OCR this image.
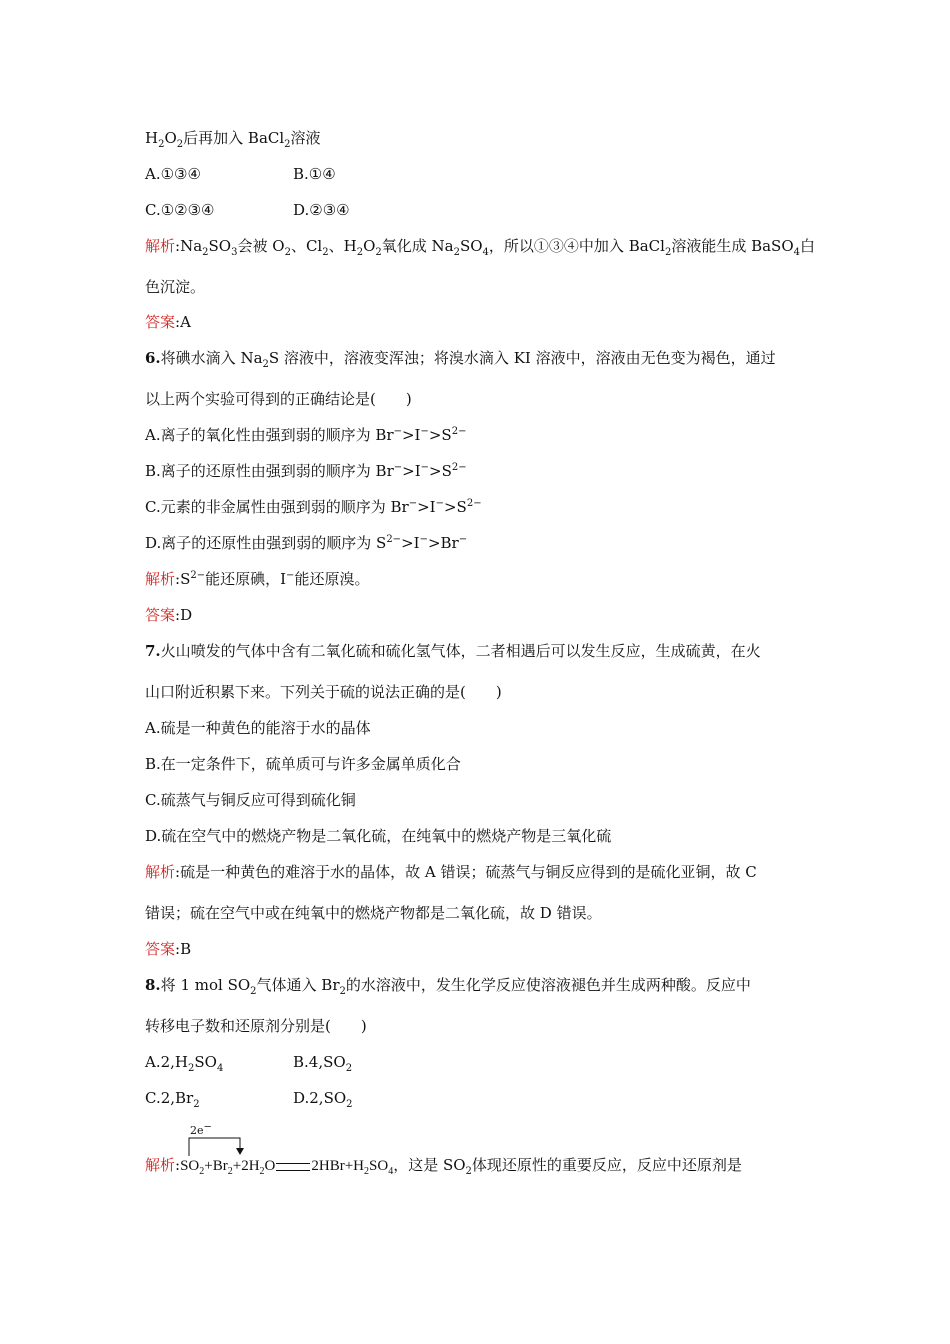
$H_2O_2$后再加入 BaCl$_2$溶液
A.①③④	B.①④
C.①②③④	D.②③④
解析$:Na_2SO_3$会被 $O_2$、$Cl_2$、$H_2O_2$氧化成 $Na_2SO_4$，所以①③④中加入 BaCl$_2$溶液能生成 BaSO$_4$白
色沉淀。
答案:A
6.将碘水滴入 $Na_2S$ 溶液中，溶液变浑浊；将溴水滴入 KI 溶液中，溶液由无色变为褐色，通过
以上两个实验可得到的正确结论是(　　)
A.离子的氧化性由强到弱的顺序为 $Br^->I^->S^{2-}$
B.离子的还原性由强到弱的顺序为 $Br^->I^->S^{2-}$
C.元素的非金属性由强到弱的顺序为 $Br^->I^->S^{2-}$
D.离子的还原性由强到弱的顺序为 $S^{2-}>I^->Br^-$
解析$:S^{2-}$能还原碘，I−能还原溴。
答案:D
7.火山喷发的气体中含有二氧化硫和硫化氢气体，二者相遇后可以发生反应，生成硫黄，在火
山口附近积累下来。下列关于硫的说法正确的是(　　)
A.硫是一种黄色的能溶于水的晶体
B.在一定条件下，硫单质可与许多金属单质化合
C.硫蒸气与铜反应可得到硫化铜
D.硫在空气中的燃烧产物是二氧化硫，在纯氧中的燃烧产物是三氧化硫
解析:硫是一种黄色的难溶于水的晶体，故 A 错误；硫蒸气与铜反应得到的是硫化亚铜，故 C
错误；硫在空气中或在纯氧中的燃烧产物都是二氧化硫，故 D 错误。
答案:B
8.将 1 mol $SO_2$气体通入 $Br_2$的水溶液中，发生化学反应使溶液褪色并生成两种酸。反应中
转移电子数和还原剂分别是(　　)
$A.2,H_2SO_4$	$B.4,SO_2$
$C.2,Br_2$	$D.2,SO_2$
2e−
解析$:SO_2+Br_2+2H_2O$ $2HBr+H_2SO_4$，这是 $SO_2$体现还原性的重要反应，反应中还原剂是
